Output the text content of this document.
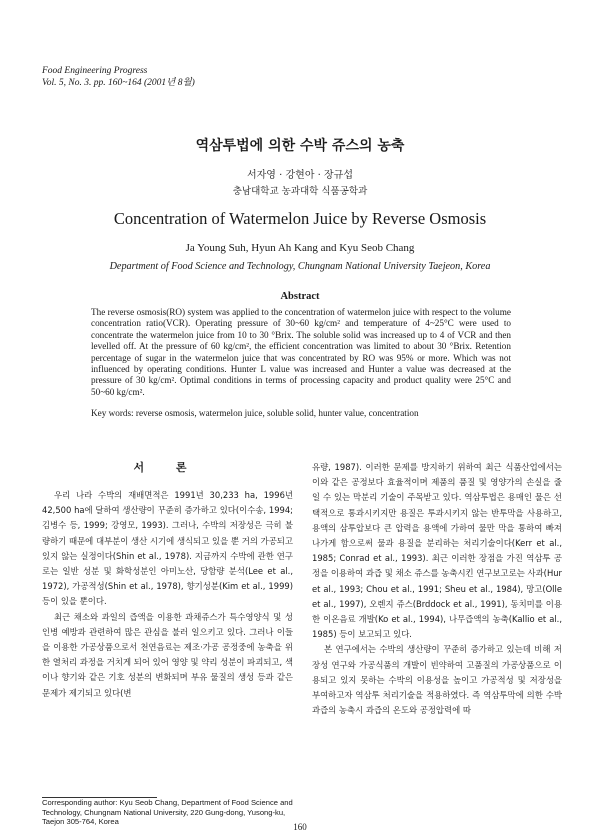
Food Engineering Progress
Vol. 5, No. 3. pp. 160~164 (2001년 8월)
역삼투법에 의한 수박 쥬스의 농축
서자영 · 강현아 · 장규섭
충남대학교 농과대학 식품공학과
Concentration of Watermelon Juice by Reverse Osmosis
Ja Young Suh, Hyun Ah Kang and Kyu Seob Chang
Department of Food Science and Technology, Chungnam National University Taejeon, Korea
Abstract

The reverse osmosis(RO) system was applied to the concentration of watermelon juice with respect to the volume concentration ratio(VCR). Operating pressure of 30~60 kg/cm² and temperature of 4~25°C were used to concentrate the watermelon juice from 10 to 30 °Brix. The soluble solid was increased up to 4 of VCR and then levelled off. At the pressure of 60 kg/cm², the efficient concentration was limited to about 30 °Brix. Retention percentage of sugar in the watermelon juice that was concentrated by RO was 95% or more. Which was not influenced by operating conditions. Hunter L value was increased and Hunter a value was decreased at the pressure of 30 kg/cm². Optimal conditions in terms of processing capacity and product quality were 25°C and 50~60 kg/cm².

Key words: reverse osmosis, watermelon juice, soluble solid, hunter value, concentration

서 론

우리 나라 수박의 재배면적은 1991년 30,233 ha, 1996년 42,500 ha에 달하여 생산량이 꾸준히 증가하고 있다(이수송, 1994; 김병수 등, 1999; 강영모, 1993). 그러나, 수박의 저장성은 극히 불량하기 때문에 대부분이 생산 시기에 생식되고 있을 뿐 거의 가공되고 있지 않는 실정이다(Shin et al., 1978). 지금까지 수박에 관한 연구로는 일반 성분 및 화학성분인 아미노산, 당함량 분석(Lee et al., 1972), 가공적성(Shin et al., 1978), 향기성분(Kim et al., 1999)등이 있을 뿐이다.

최근 채소와 과일의 즙액을 이용한 과채쥬스가 특수영양식 및 성인병 예방과 관련하여 많은 관심을 불러 일으키고 있다. 그러나 이들을 이용한 가공상품으로서 천연음료는 제조·가공 공정중에 농축을 위한 열처리 과정을 거치게 되어 있어 영양 및 약리 성분이 파괴되고, 색이나 향기와 같은 기호 성분의 변화되며 부유 물질의 생성 등과 같은 문제가 제기되고 있다(변

유량, 1987). 이러한 문제를 방지하기 위하여 최근 식품산업에서는 이와 같은 공정보다 효율적이며 제품의 품질 및 영양가의 손실을 줄일 수 있는 막분리 기술이 주목받고 있다. 역삼투법은 용매인 물은 선택적으로 통과시키지만 용질은 투과시키지 않는 반투막을 사용하고, 용액의 삼투압보다 큰 압력을 용액에 가하여 물만 막을 통하여 빠져나가게 함으로써 물과 용질을 분리하는 처리기술이다(Kerr et al., 1985; Conrad et al., 1993). 최근 이러한 장점을 가진 역삼투 공정을 이용하여 과즙 및 채소 쥬스를 농축시킨 연구보고로는 사과(Hur et al., 1993; Chou et al., 1991; Sheu et al., 1984), 망고(Olle et al., 1997), 오렌지 쥬스(Brddock et al., 1991), 동치미를 이용한 이온음료 개발(Ko et al., 1994), 나무즙액의 농축(Kallio et al., 1985) 등이 보고되고 있다.

본 연구에서는 수박의 생산량이 꾸준히 증가하고 있는데 비해 저장성 연구와 가공식품의 개발이 빈약하여 고품질의 가공상품으로 이용되고 있지 못하는 수박의 이용성을 높이고 가공적성 및 저장성을 부여하고자 역삼투 처리기술을 적용하였다. 즉 역삼투막에 의한 수박과즙의 농축시 과즙의 온도와 공정압력에 따

Corresponding author: Kyu Seob Chang, Department of Food Science and Technology, Chungnam National University, 220 Gung-dong, Yusong-ku, Taejon 305-764, Korea

160
